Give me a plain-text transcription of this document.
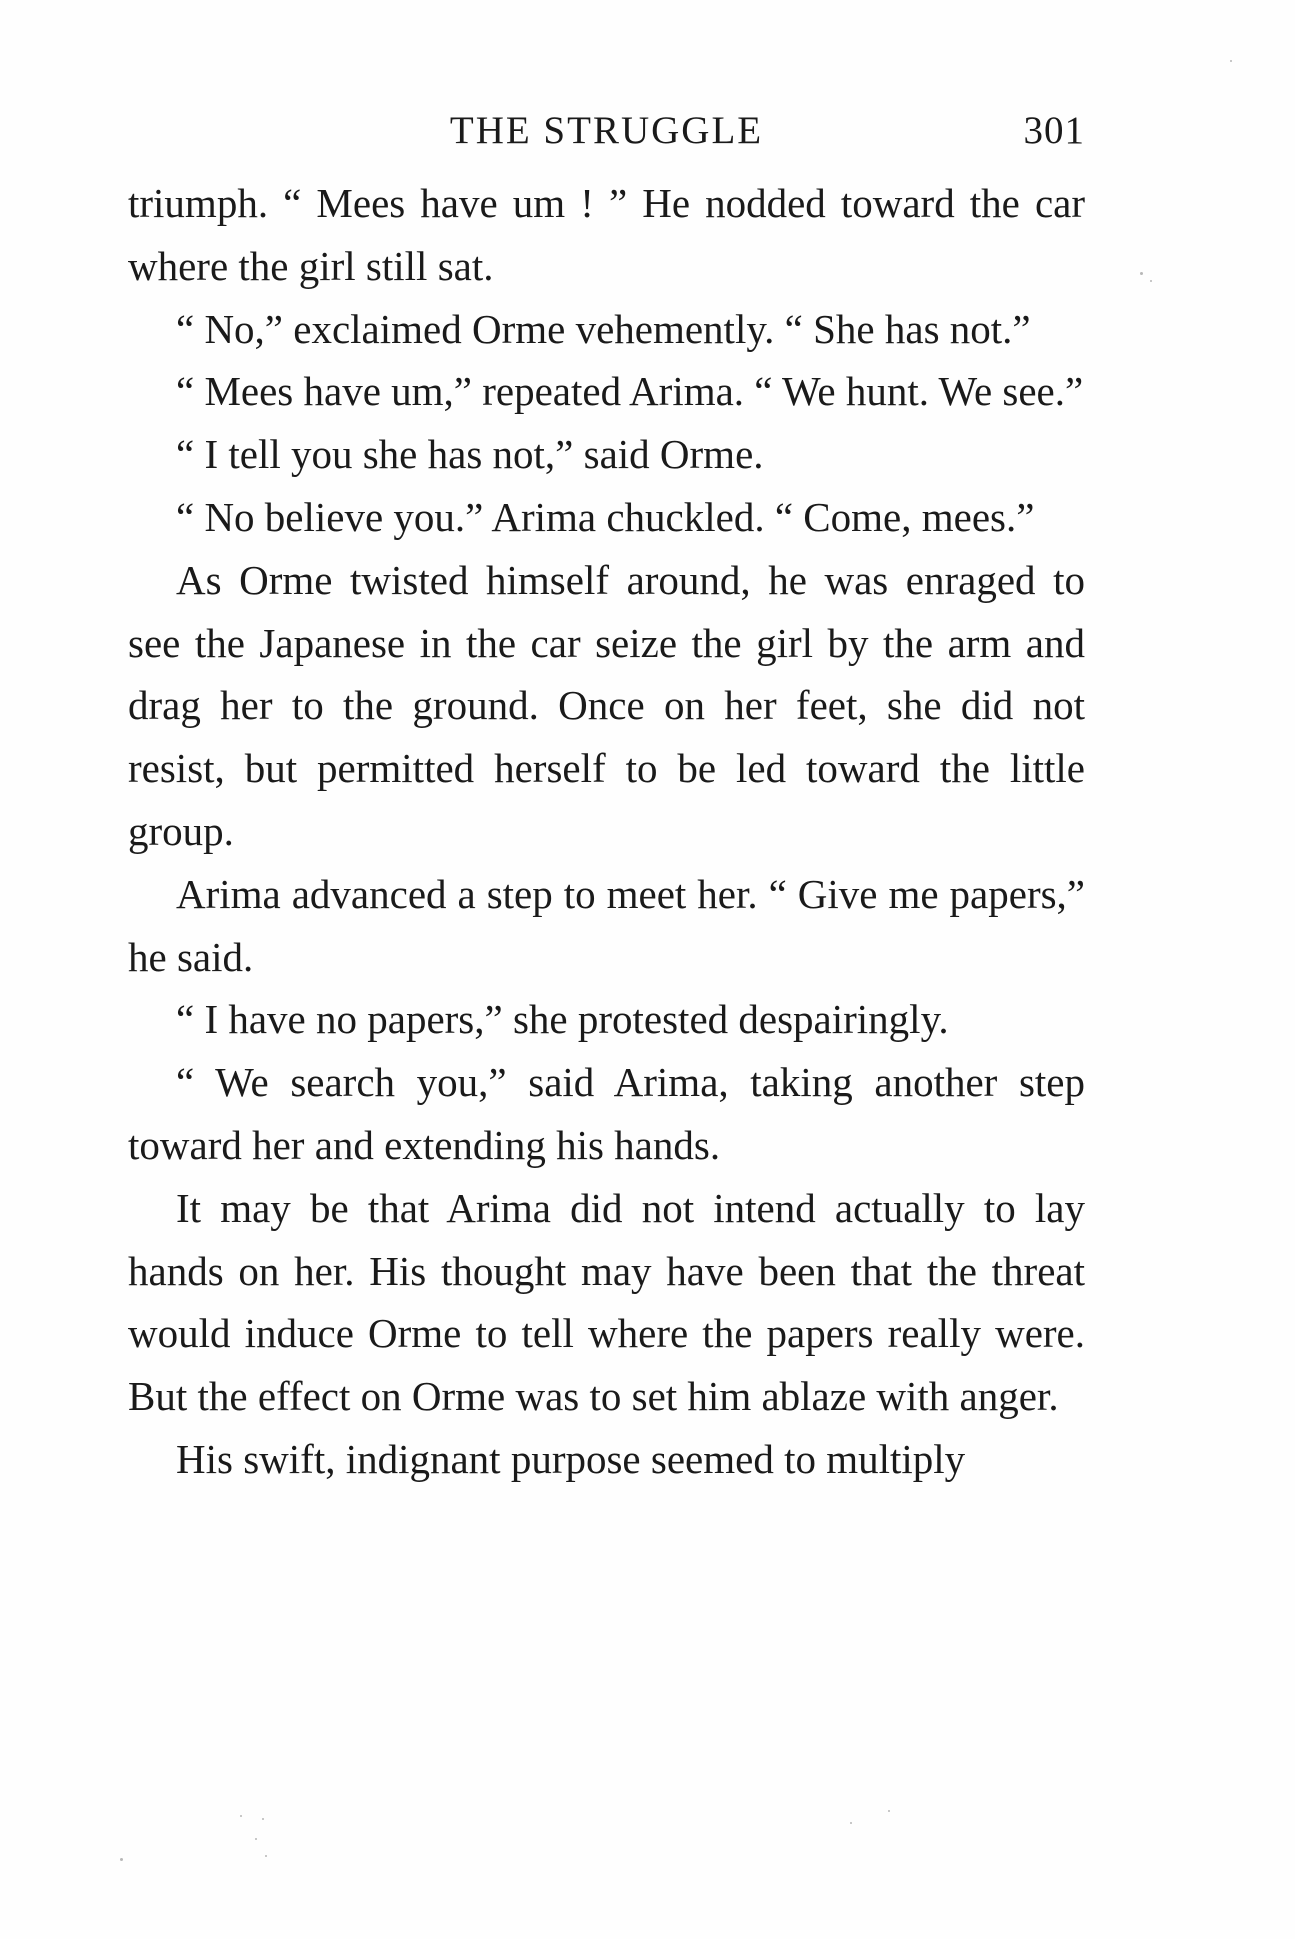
THE STRUGGLE	301

triumph. “ Mees have um ! ” He nodded toward the car where the girl still sat.

“ No,” exclaimed Orme vehemently. “ She has not.”

“ Mees have um,” repeated Arima. “ We hunt. We see.”

“ I tell you she has not,” said Orme.

“ No believe you.” Arima chuckled. “ Come, mees.”

As Orme twisted himself around, he was enraged to see the Japanese in the car seize the girl by the arm and drag her to the ground. Once on her feet, she did not resist, but permitted herself to be led toward the little group.

Arima advanced a step to meet her. “ Give me papers,” he said.

“ I have no papers,” she protested despairingly.

“ We search you,” said Arima, taking another step toward her and extending his hands.

It may be that Arima did not intend actually to lay hands on her. His thought may have been that the threat would induce Orme to tell where the papers really were. But the effect on Orme was to set him ablaze with anger.

His swift, indignant purpose seemed to multiply
